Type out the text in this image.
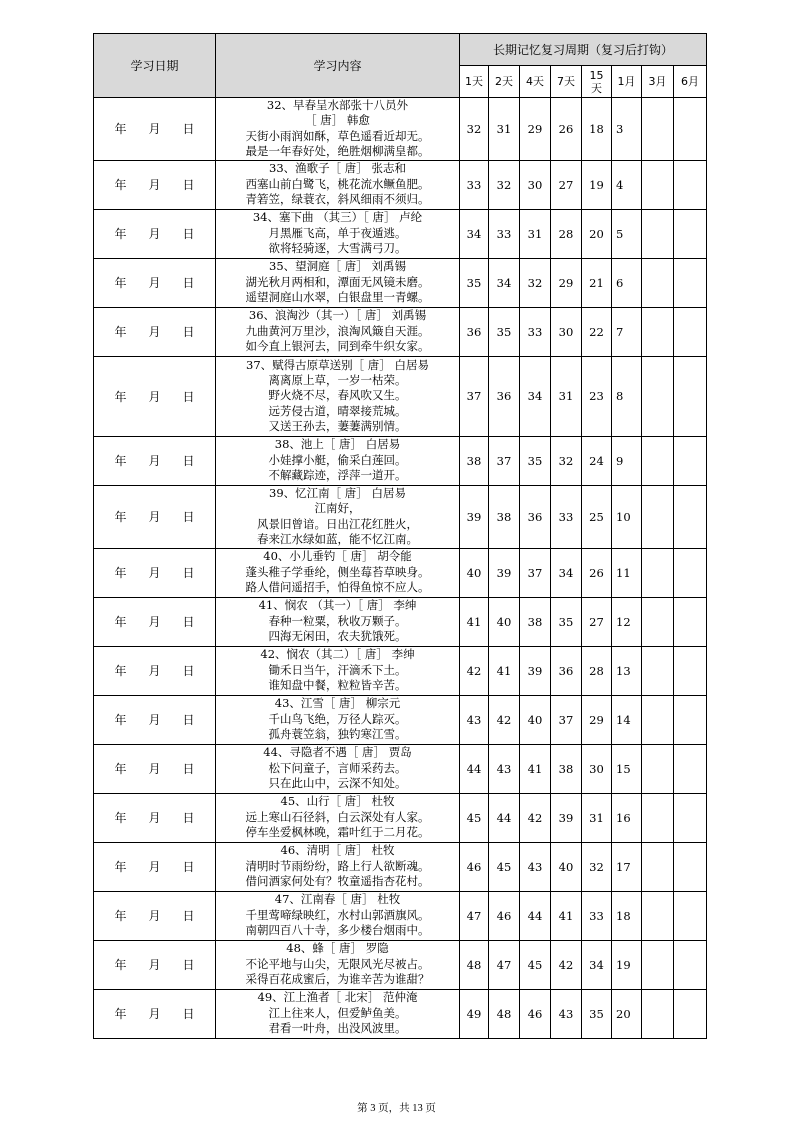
学习日期	学习内容	长期记忆复习周期（复习后打钩）							
		1天	2天	4天	7天	15天	1月	3月	6月
年 月 日	32、早春呈水部张十八员外
［ 唐］ 韩愈
天街小雨润如酥，草色遥看近却无。
最是一年春好处，绝胜烟柳满皇都。	32	31	29	26	18	3		
年 月 日	33、渔歌子［ 唐］ 张志和
西塞山前白鹭飞，桃花流水鳜鱼肥。
青箬笠，绿蓑衣，斜风细雨不须归。	33	32	30	27	19	4		
年 月 日	34、塞下曲 （其三）［ 唐］ 卢纶
月黑雁飞高，单于夜遁逃。
欲将轻骑逐，大雪满弓刀。	34	33	31	28	20	5		
年 月 日	35、望洞庭［ 唐］ 刘禹锡
湖光秋月两相和，潭面无风镜未磨。
遥望洞庭山水翠，白银盘里一青螺。	35	34	32	29	21	6		
年 月 日	36、浪淘沙（其一）［ 唐］ 刘禹锡
九曲黄河万里沙，浪淘风簸自天涯。
如今直上银河去，同到牵牛织女家。	36	35	33	30	22	7		
年 月 日	37、赋得古原草送别［ 唐］ 白居易
离离原上草，一岁一枯荣。
野火烧不尽，春风吹又生。
远芳侵古道，晴翠接荒城。
又送王孙去，萋萋满别情。	37	36	34	31	23	8		
年 月 日	38、池上［ 唐］ 白居易
小娃撑小艇，偷采白莲回。
不解藏踪迹，浮萍一道开。	38	37	35	32	24	9		
年 月 日	39、忆江南［ 唐］ 白居易
江南好，
风景旧曾谙。日出江花红胜火，
春来江水绿如蓝，能不忆江南。	39	38	36	33	25	10		
年 月 日	40、小儿垂钓［ 唐］ 胡令能
蓬头稚子学垂纶，侧坐莓苔草映身。
路人借问遥招手，怕得鱼惊不应人。	40	39	37	34	26	11		
年 月 日	41、悯农 （其一）［ 唐］ 李绅
春种一粒粟，秋收万颗子。
四海无闲田，农夫犹饿死。	41	40	38	35	27	12		
年 月 日	42、悯农（其二）［ 唐］ 李绅
锄禾日当午，汗滴禾下土。
谁知盘中餐，粒粒皆辛苦。	42	41	39	36	28	13		
年 月 日	43、江雪［ 唐］ 柳宗元
千山鸟飞绝，万径人踪灭。
孤舟蓑笠翁，独钓寒江雪。	43	42	40	37	29	14		
年 月 日	44、寻隐者不遇［ 唐］ 贾岛
松下问童子，言师采药去。
只在此山中，云深不知处。	44	43	41	38	30	15		
年 月 日	45、山行［ 唐］ 杜牧
远上寒山石径斜，白云深处有人家。
停车坐爱枫林晚，霜叶红于二月花。	45	44	42	39	31	16		
年 月 日	46、清明［ 唐］ 杜牧
清明时节雨纷纷，路上行人欲断魂。
借问酒家何处有？牧童遥指杏花村。	46	45	43	40	32	17		
年 月 日	47、江南春［ 唐］ 杜牧
千里莺啼绿映红，水村山郭酒旗风。
南朝四百八十寺，多少楼台烟雨中。	47	46	44	41	33	18		
年 月 日	48、蜂［ 唐］ 罗隐
不论平地与山尖，无限风光尽被占。
采得百花成蜜后，为谁辛苦为谁甜？	48	47	45	42	34	19		
年 月 日	49、江上渔者［ 北宋］ 范仲淹
江上往来人，但爱鲈鱼美。
君看一叶舟，出没风波里。	49	48	46	43	35	20		
第 3 页，共 13 页
